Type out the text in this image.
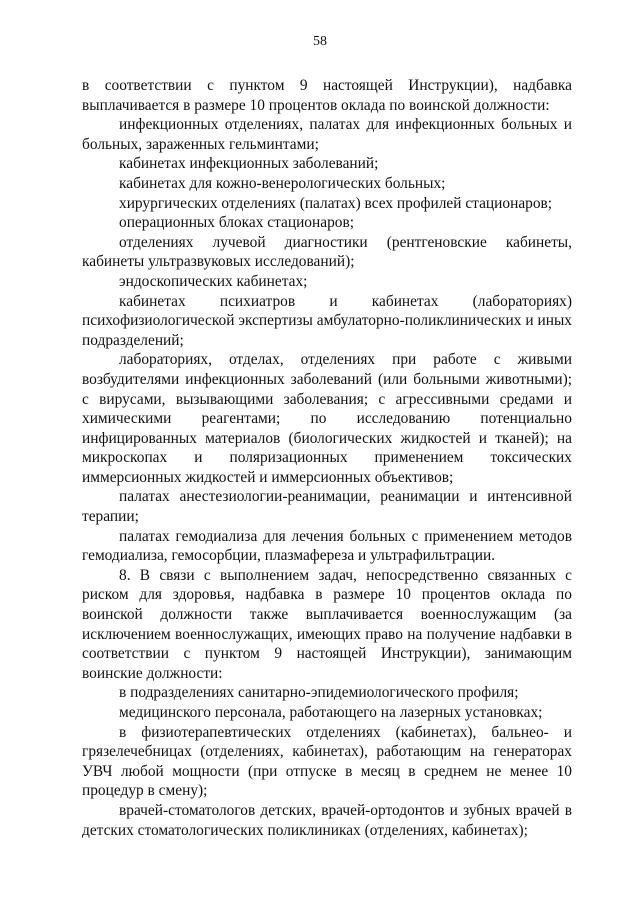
58

в соответствии с пунктом 9 настоящей Инструкции), надбавка выплачивается в размере 10 процентов оклада по воинской должности:

инфекционных отделениях, палатах для инфекционных больных и больных, зараженных гельминтами;

кабинетах инфекционных заболеваний;

кабинетах для кожно-венерологических больных;

хирургических отделениях (палатах) всех профилей стационаров;

операционных блоках стационаров;

отделениях лучевой диагностики (рентгеновские кабинеты, кабинеты ультразвуковых исследований);

эндоскопических кабинетах;

кабинетах психиатров и кабинетах (лабораториях) психофизиологической экспертизы амбулаторно-поликлинических и иных подразделений;

лабораториях, отделах, отделениях при работе с живыми возбудителями инфекционных заболеваний (или больными животными); с вирусами, вызывающими заболевания; с агрессивными средами и химическими реагентами; по исследованию потенциально инфицированных материалов (биологических жидкостей и тканей); на микроскопах и поляризационных применением токсических иммерсионных жидкостей и иммерсионных объективов;

палатах анестезиологии-реанимации, реанимации и интенсивной терапии;

палатах гемодиализа для лечения больных с применением методов гемодиализа, гемосорбции, плазмафереза и ультрафильтрации.

8. В связи с выполнением задач, непосредственно связанных с риском для здоровья, надбавка в размере 10 процентов оклада по воинской должности также выплачивается военнослужащим (за исключением военнослужащих, имеющих право на получение надбавки в соответствии с пунктом 9 настоящей Инструкции), занимающим воинские должности:

в подразделениях санитарно-эпидемиологического профиля;

медицинского персонала, работающего на лазерных установках;

в физиотерапевтических отделениях (кабинетах), бальнео- и грязелечебницах (отделениях, кабинетах), работающим на генераторах УВЧ любой мощности (при отпуске в месяц в среднем не менее 10 процедур в смену);

врачей-стоматологов детских, врачей-ортодонтов и зубных врачей в детских стоматологических поликлиниках (отделениях, кабинетах);
